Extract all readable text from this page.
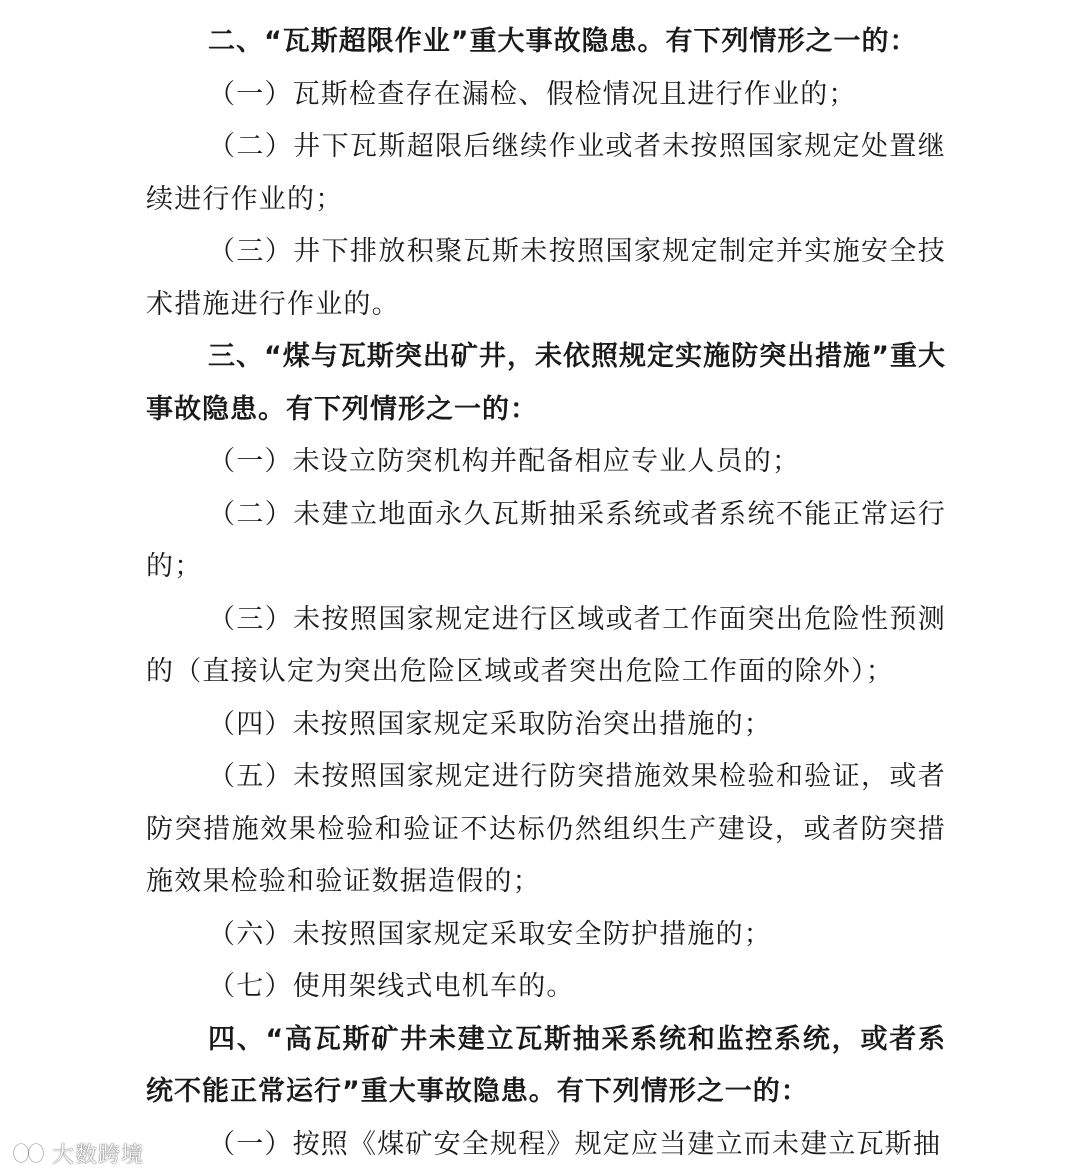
二、“瓦斯超限作业”重大事故隐患。有下列情形之一的：

（一）瓦斯检查存在漏检、假检情况且进行作业的；

（二）井下瓦斯超限后继续作业或者未按照国家规定处置继续进行作业的；

（三）井下排放积聚瓦斯未按照国家规定制定并实施安全技术措施进行作业的。

三、“煤与瓦斯突出矿井，未依照规定实施防突出措施”重大事故隐患。有下列情形之一的：

（一）未设立防突机构并配备相应专业人员的；

（二）未建立地面永久瓦斯抽采系统或者系统不能正常运行的；

（三）未按照国家规定进行区域或者工作面突出危险性预测的（直接认定为突出危险区域或者突出危险工作面的除外）；

（四）未按照国家规定采取防治突出措施的；

（五）未按照国家规定进行防突措施效果检验和验证，或者防突措施效果检验和验证不达标仍然组织生产建设，或者防突措施效果检验和验证数据造假的；

（六）未按照国家规定采取安全防护措施的；

（七）使用架线式电机车的。

四、“高瓦斯矿井未建立瓦斯抽采系统和监控系统，或者系统不能正常运行”重大事故隐患。有下列情形之一的：

（一）按照《煤矿安全规程》规定应当建立而未建立瓦斯抽

大数跨境
